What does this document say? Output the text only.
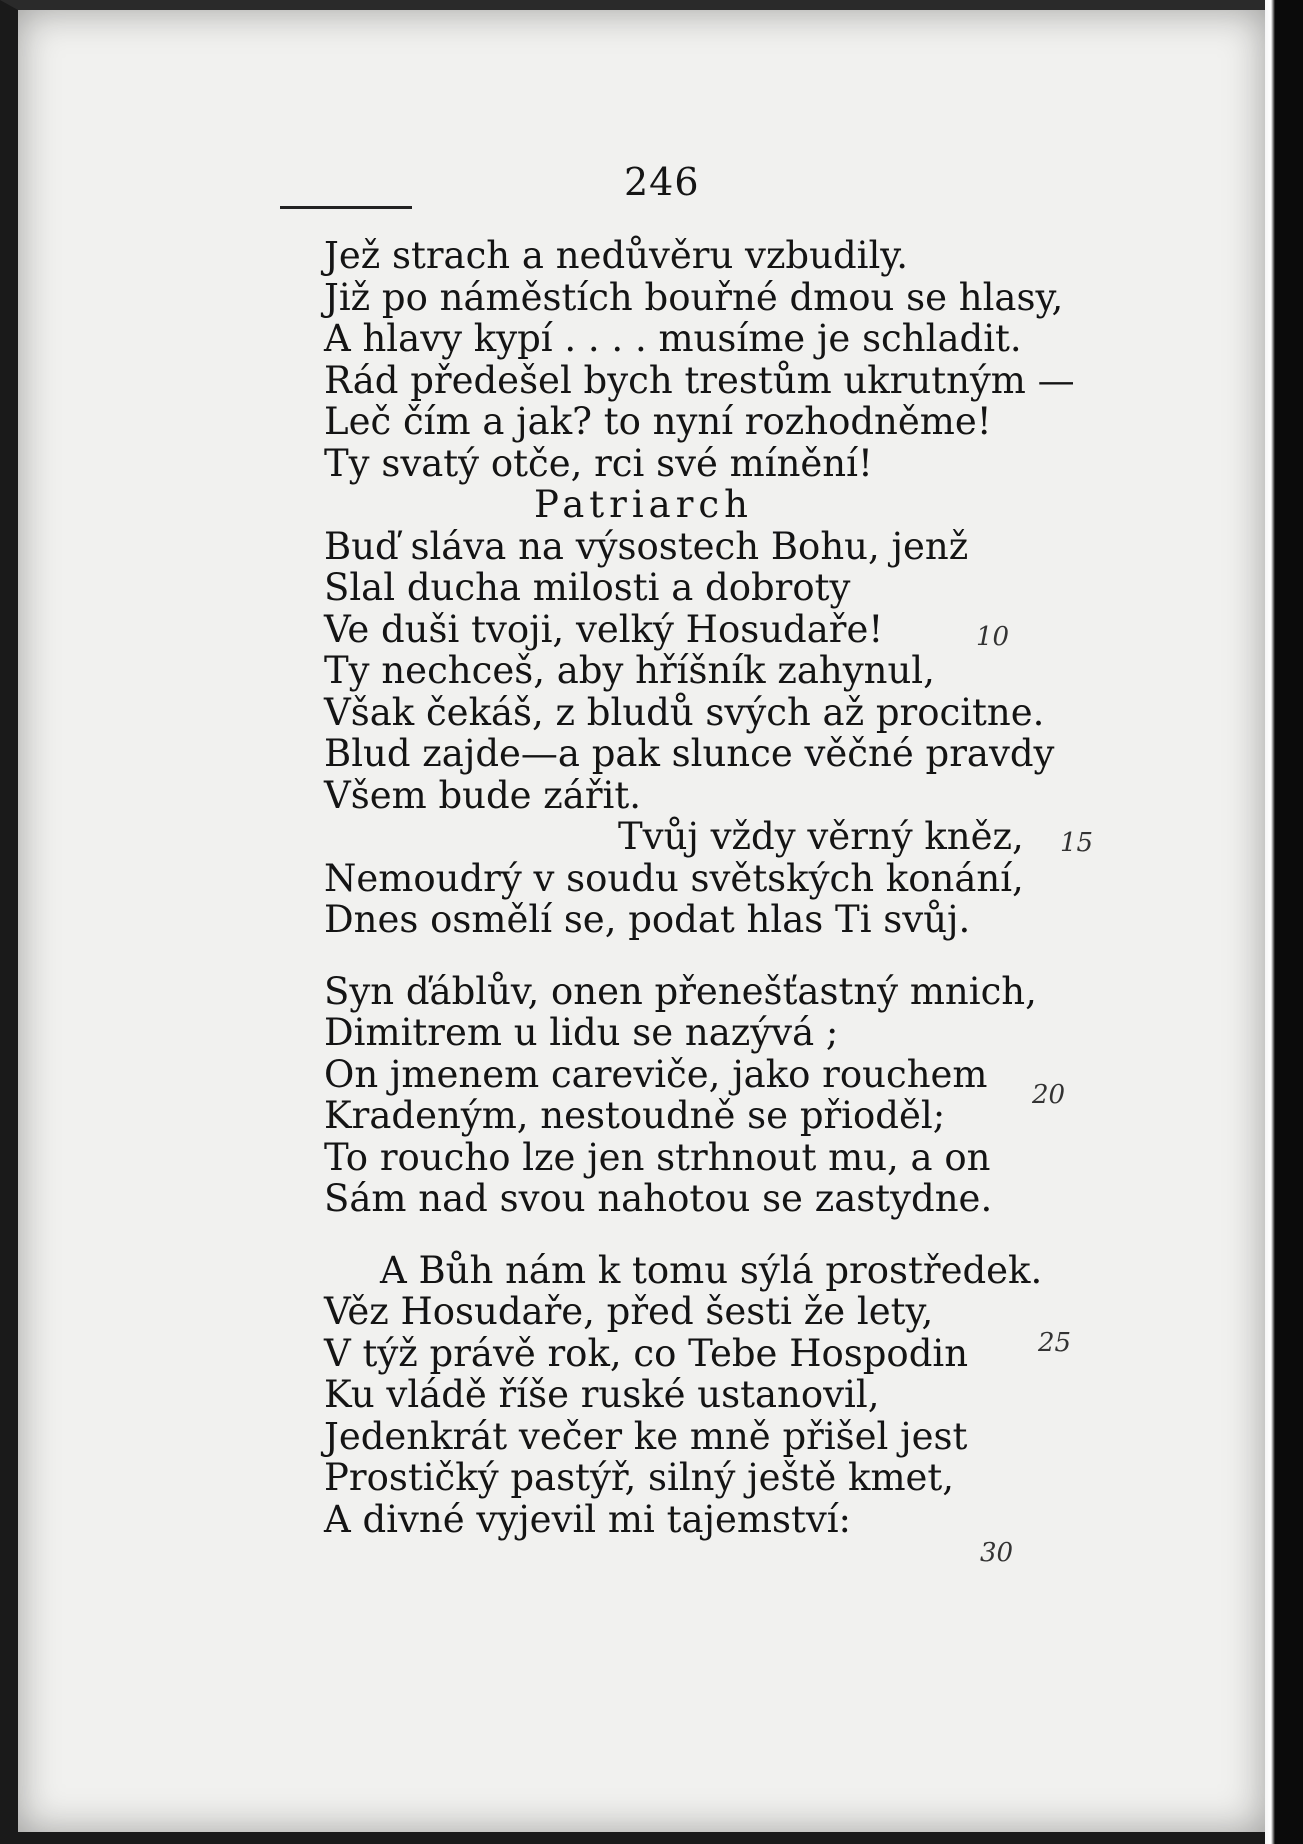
246
Jež strach a nedůvěru vzbudily.
Již po náměstích bouřné dmou se hlasy,
A hlavy kypí . . . . musíme je schladit.
Rád předešel bych trestům ukrutným —
Leč čím a jak? to nyní rozhodněme!
Ty svatý otče, rci své mínění!
Patriarch
Buď sláva na výsostech Bohu, jenž
Slal ducha milosti a dobroty
Ve duši tvoji, velký Hosudaře!
Ty nechceš, aby hříšník zahynul,
Však čekáš, z bludů svých až procitne.
Blud zajde—a pak slunce věčné pravdy
Všem bude zářit.
Tvůj vždy věrný kněz,
Nemoudrý v soudu světských konání,
Dnes osmělí se, podat hlas Ti svůj.
Syn ďáblův, onen přenešťastný mnich,
Dimitrem u lidu se nazývá ;
On jmenem careviče, jako rouchem
Kradeným, nestoudně se přioděl;
To roucho lze jen strhnout mu, a on
Sám nad svou nahotou se zastydne.
A Bůh nám k tomu sýlá prostředek.
Věz Hosudaře, před šesti že lety,
V týž právě rok, co Tebe Hospodin
Ku vládě říše ruské ustanovil,
Jedenkrát večer ke mně přišel jest
Prostičký pastýř, silný ještě kmet,
A divné vyjevil mi tajemství:
10
15
20
25
30
